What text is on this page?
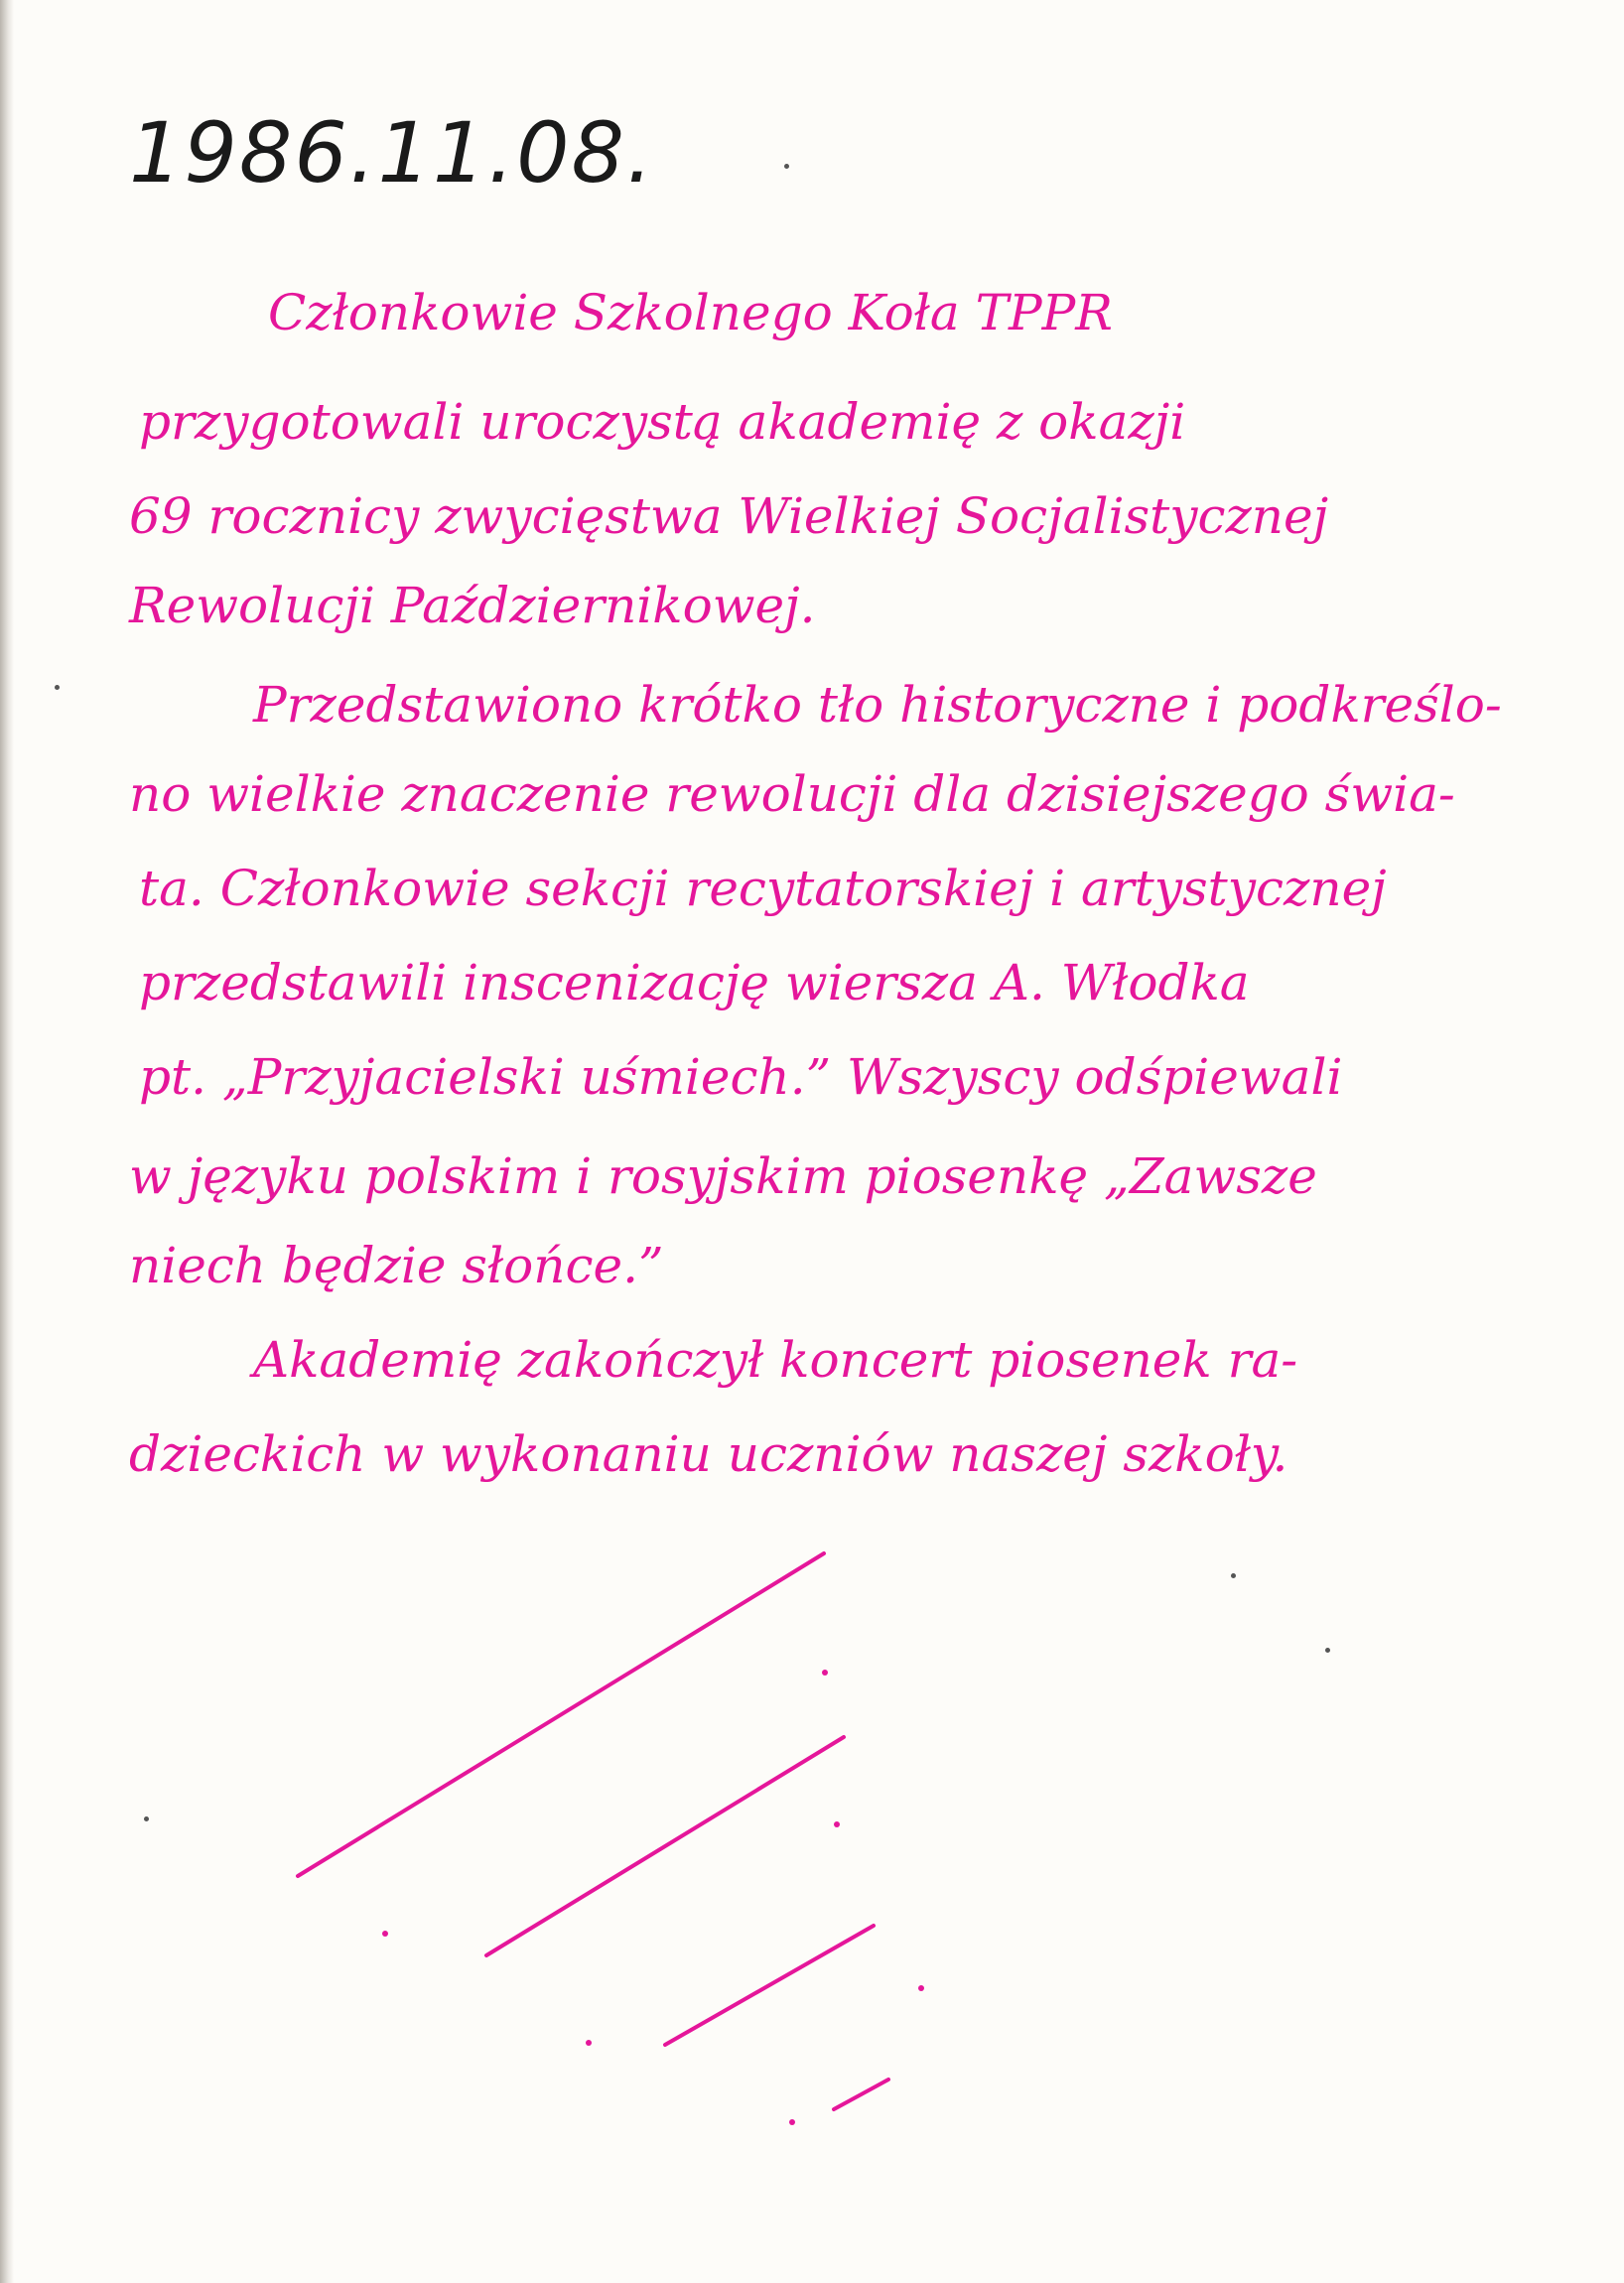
1986.11.08.
Członkowie Szkolnego Koła TPPR
przygotowali uroczystą akademię z okazji
69 rocznicy zwycięstwa Wielkiej Socjalistycznej
Rewolucji Październikowej.
Przedstawiono krótko tło historyczne i podkreślo-
no wielkie znaczenie rewolucji dla dzisiejszego świa-
ta. Członkowie sekcji recytatorskiej i artystycznej
przedstawili inscenizację wiersza A. Włodka
pt. „Przyjacielski uśmiech.” Wszyscy odśpiewali
w języku polskim i rosyjskim piosenkę „Zawsze
niech będzie słońce.”
Akademię zakończył koncert piosenek ra-
dzieckich w wykonaniu uczniów naszej szkoły.
